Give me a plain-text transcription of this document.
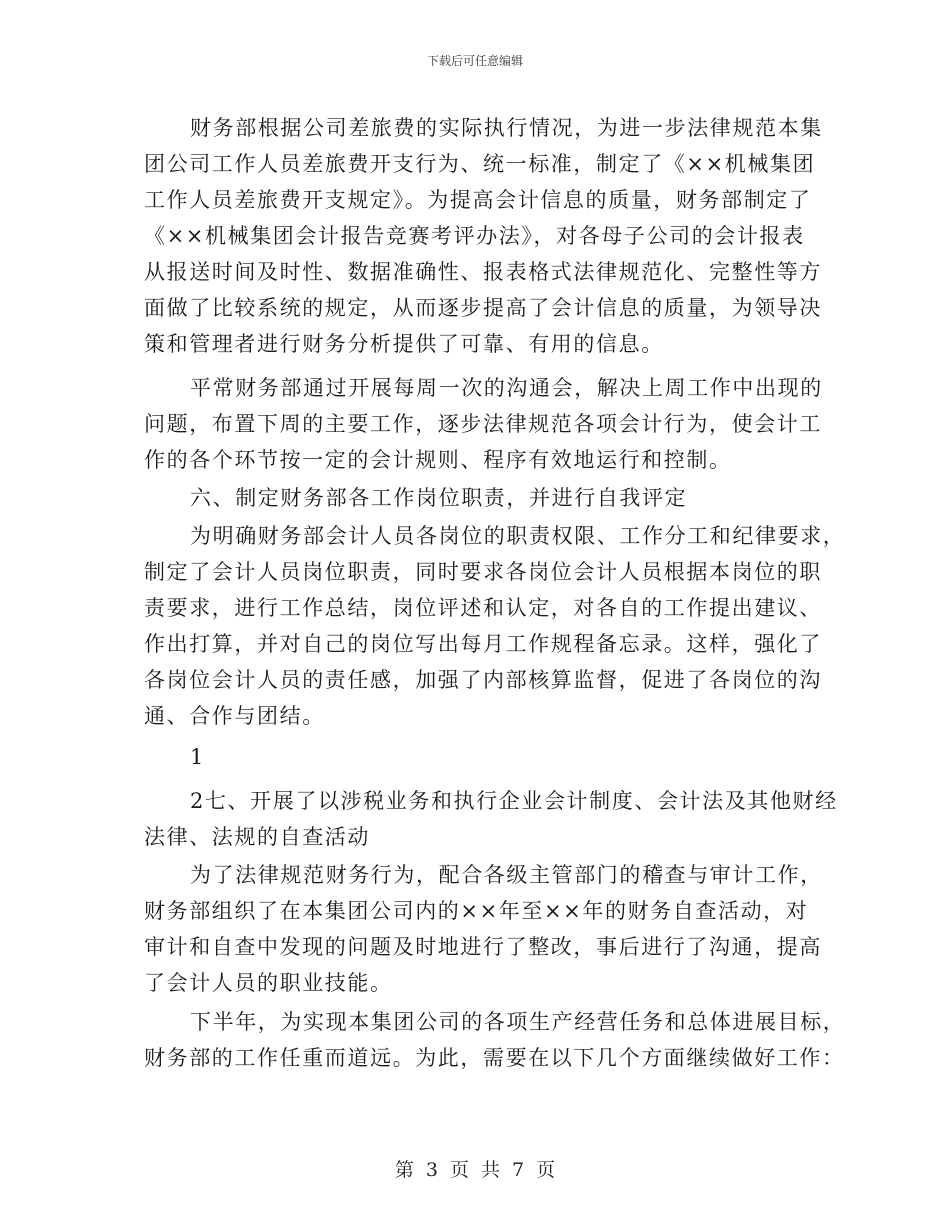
下载后可任意编辑
财务部根据公司差旅费的实际执行情况，为进一步法律规范本集
团公司工作人员差旅费开支行为、统一标准，制定了《××机械集团
工作人员差旅费开支规定》。为提高会计信息的质量，财务部制定了
《××机械集团会计报告竞赛考评办法》，对各母子公司的会计报表
从报送时间及时性、数据准确性、报表格式法律规范化、完整性等方
面做了比较系统的规定，从而逐步提高了会计信息的质量，为领导决
策和管理者进行财务分析提供了可靠、有用的信息。
平常财务部通过开展每周一次的沟通会，解决上周工作中出现的
问题，布置下周的主要工作，逐步法律规范各项会计行为，使会计工
作的各个环节按一定的会计规则、程序有效地运行和控制。
六、制定财务部各工作岗位职责，并进行自我评定
为明确财务部会计人员各岗位的职责权限、工作分工和纪律要求，
制定了会计人员岗位职责，同时要求各岗位会计人员根据本岗位的职
责要求，进行工作总结，岗位评述和认定，对各自的工作提出建议、
作出打算，并对自己的岗位写出每月工作规程备忘录。这样，强化了
各岗位会计人员的责任感，加强了内部核算监督，促进了各岗位的沟
通、合作与团结。
1
2七、开展了以涉税业务和执行企业会计制度、会计法及其他财经
法律、法规的自查活动
为了法律规范财务行为，配合各级主管部门的稽查与审计工作，
财务部组织了在本集团公司内的××年至××年的财务自查活动，对
审计和自查中发现的问题及时地进行了整改，事后进行了沟通，提高
了会计人员的职业技能。
下半年，为实现本集团公司的各项生产经营任务和总体进展目标，
财务部的工作任重而道远。为此，需要在以下几个方面继续做好工作：
第 3 页 共 7 页
